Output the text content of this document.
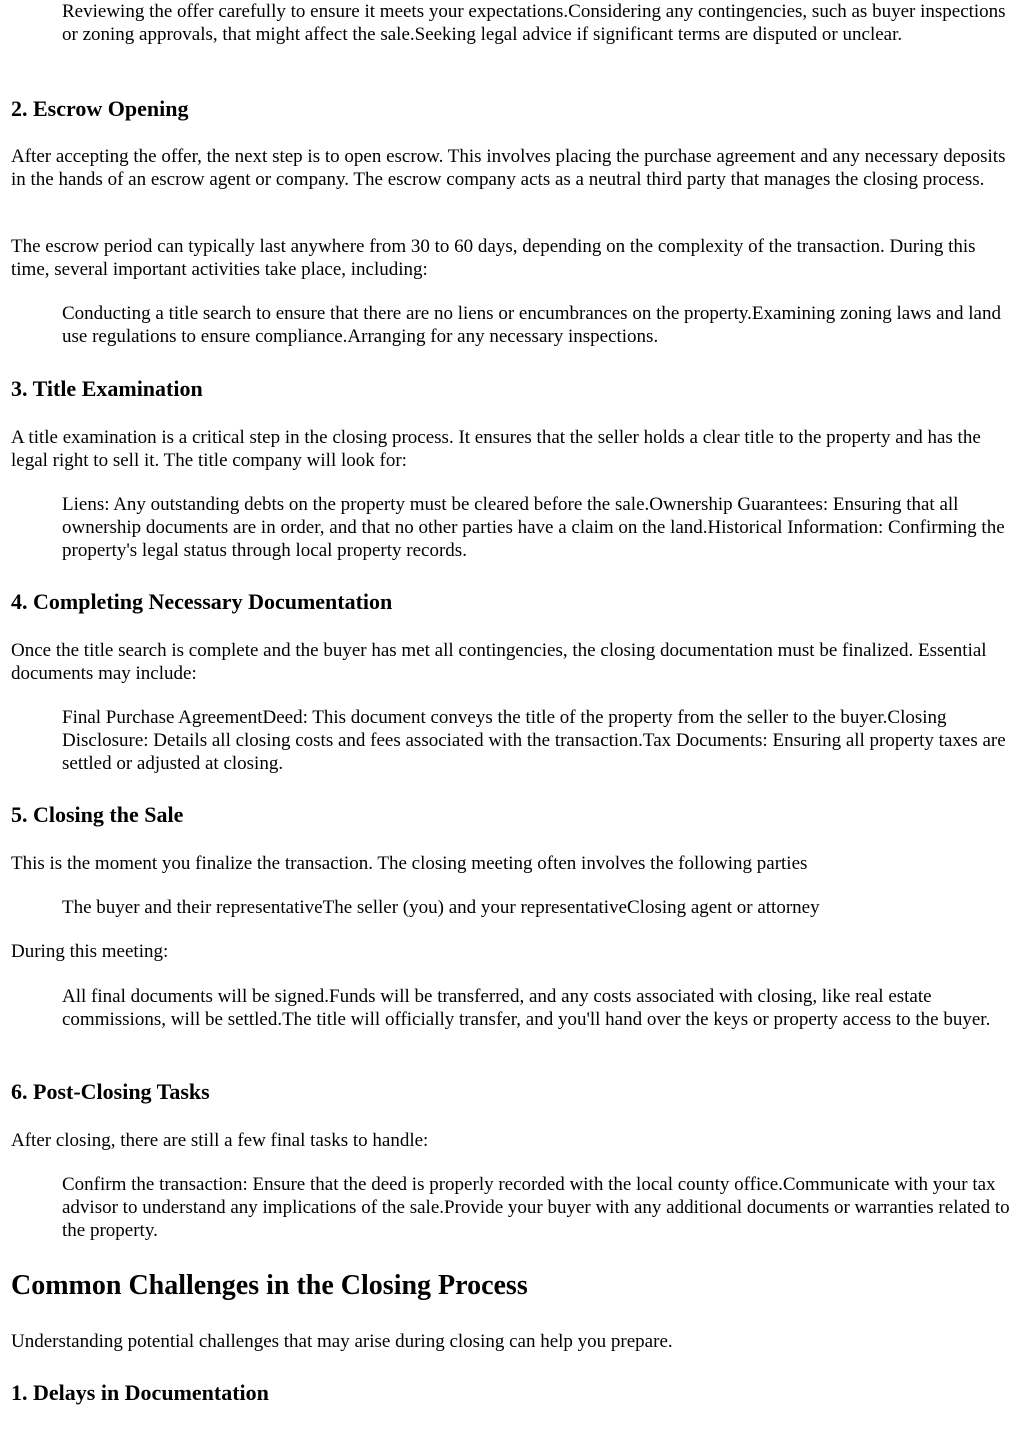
Reviewing the offer carefully to ensure it meets your expectations.Considering any contingencies, such as buyer inspections or zoning approvals, that might affect the sale.Seeking legal advice if significant terms are disputed or unclear.

2. Escrow Opening

After accepting the offer, the next step is to open escrow. This involves placing the purchase agreement and any necessary deposits in the hands of an escrow agent or company. The escrow company acts as a neutral third party that manages the closing process.

The escrow period can typically last anywhere from 30 to 60 days, depending on the complexity of the transaction. During this time, several important activities take place, including:

Conducting a title search to ensure that there are no liens or encumbrances on the property.Examining zoning laws and land use regulations to ensure compliance.Arranging for any necessary inspections.

3. Title Examination

A title examination is a critical step in the closing process. It ensures that the seller holds a clear title to the property and has the legal right to sell it. The title company will look for:

Liens: Any outstanding debts on the property must be cleared before the sale.Ownership Guarantees: Ensuring that all ownership documents are in order, and that no other parties have a claim on the land.Historical Information: Confirming the property's legal status through local property records.

4. Completing Necessary Documentation

Once the title search is complete and the buyer has met all contingencies, the closing documentation must be finalized. Essential documents may include:

Final Purchase AgreementDeed: This document conveys the title of the property from the seller to the buyer.Closing Disclosure: Details all closing costs and fees associated with the transaction.Tax Documents: Ensuring all property taxes are settled or adjusted at closing.

5. Closing the Sale

This is the moment you finalize the transaction. The closing meeting often involves the following parties

The buyer and their representativeThe seller (you) and your representativeClosing agent or attorney

During this meeting:

All final documents will be signed.Funds will be transferred, and any costs associated with closing, like real estate commissions, will be settled.The title will officially transfer, and you'll hand over the keys or property access to the buyer.

6. Post-Closing Tasks

After closing, there are still a few final tasks to handle:

Confirm the transaction: Ensure that the deed is properly recorded with the local county office.Communicate with your tax advisor to understand any implications of the sale.Provide your buyer with any additional documents or warranties related to the property.

Common Challenges in the Closing Process

Understanding potential challenges that may arise during closing can help you prepare.

1. Delays in Documentation
